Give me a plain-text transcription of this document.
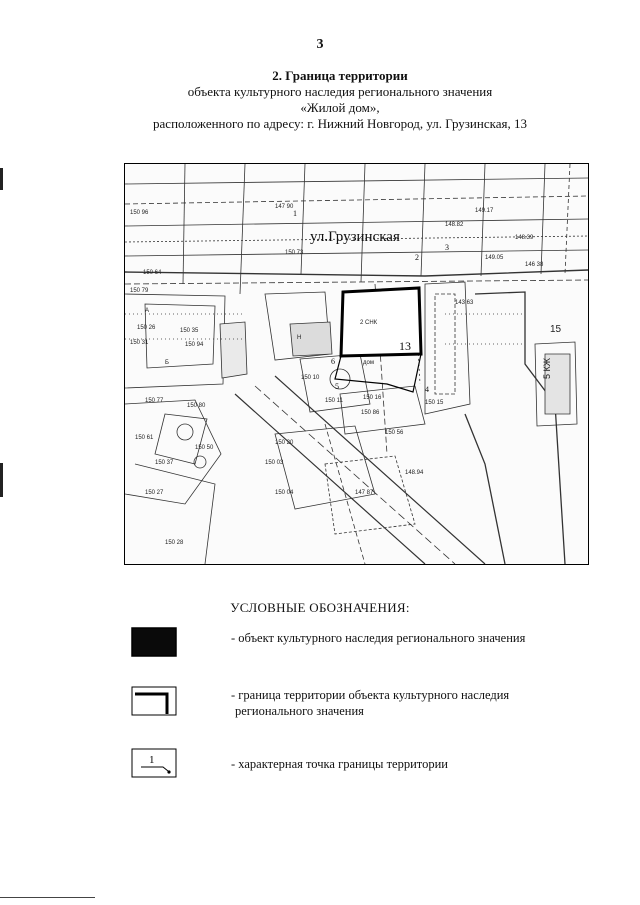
3
2. Граница территории
объекта культурного наследия регионального значения
«Жилой дом»,
расположенного по адресу: г. Нижний Новгород, ул. Грузинская, 13
ул.Грузинская
13
1
2
3
4
5
6
15
А
Б	5 КЖ
2 СНК
дом
Н
150 64
150 94
150 79
150 77
150 80
150 61
150 27
150 28
150 37
150 31
150 26	150 35
150 50
150 20
150 03
150 10
150 11	150 16
150 04
150 86
150 15
150 56
150 96
150 73
148.82
148.39
148.94
147 87
147 90
149.17
149.05
146 38
143 63
УСЛОВНЫЕ ОБОЗНАЧЕНИЯ:
- объект культурного наследия регионального значения
- граница территории объекта культурного наследия
регионального значения
1	- характерная точка границы территории
